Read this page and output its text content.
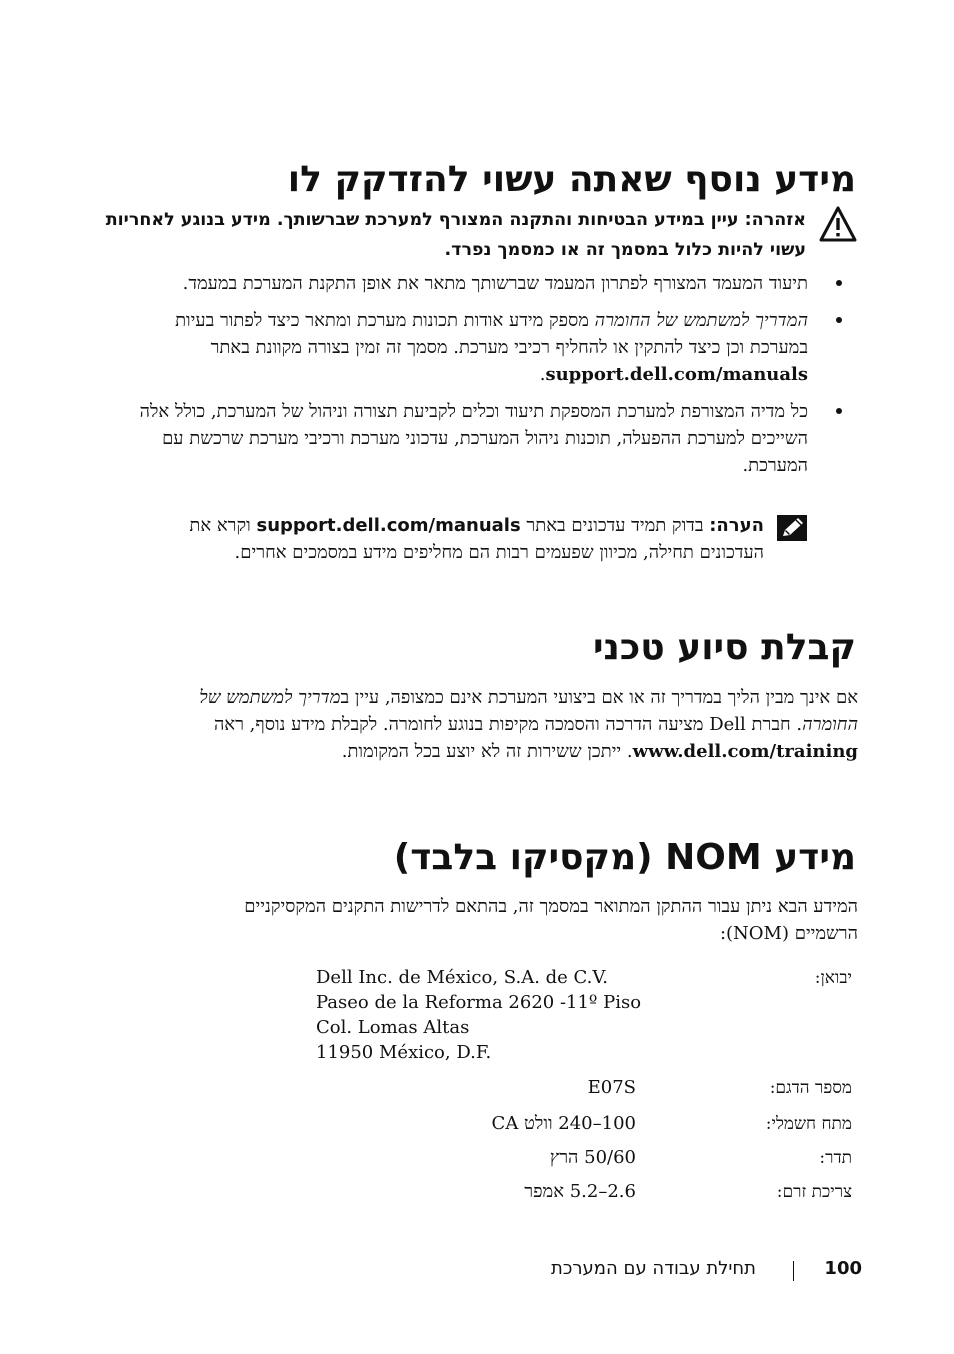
מידע נוסף שאתה עשוי להזדקק לו
אזהרה: עיין במידע הבטיחות והתקנה המצורף למערכת שברשותך. מידע בנוגע לאחריות עשוי להיות כלול במסמך זה או כמסמך נפרד.
תיעוד המעמד המצורף לפתרון המעמד שברשותך מתאר את אופן התקנת המערכת במעמד.
המדריך למשתמש של החומרה מספק מידע אודות תכונות מערכת ומתאר כיצד לפתור בעיות במערכת וכן כיצד להתקין או להחליף רכיבי מערכת. מסמך זה זמין בצורה מקוונת באתר support.dell.com/manuals.
כל מדיה המצורפת למערכת המספקת תיעוד וכלים לקביעת תצורה וניהול של המערכת, כולל אלה השייכים למערכת ההפעלה, תוכנות ניהול המערכת, עדכוני מערכת ורכיבי מערכת שרכשת עם המערכת.
הערה: בדוק תמיד עדכונים באתר support.dell.com/manuals וקרא את העדכונים תחילה, מכיוון שפעמים רבות הם מחליפים מידע במסמכים אחרים.
קבלת סיוע טכני
אם אינך מבין הליך במדריך זה או אם ביצועי המערכת אינם כמצופה, עיין במדריך למשתמש של החומרה. חברת Dell מציעה הדרכה והסמכה מקיפות בנוגע לחומרה. לקבלת מידע נוסף, ראה www.dell.com/training. ייתכן ששירות זה לא יוצע בכל המקומות.
מידע NOM (מקסיקו בלבד)
המידע הבא ניתן עבור ההתקן המתואר במסמך זה, בהתאם לדרישות התקנים המקסיקניים הרשמיים (NOM):
יבואן:
Dell Inc. de México, S.A. de C.V.
Paseo de la Reforma 2620 -11º Piso
Col. Lomas Altas
11950 México, D.F.
מספר הדגם:
E07S
מתח חשמלי:
100–240 וולט CA
תדר:
50/60 הרץ
צריכת זרם:
2.6–5.2 אמפר
100
תחילת עבודה עם המערכת
